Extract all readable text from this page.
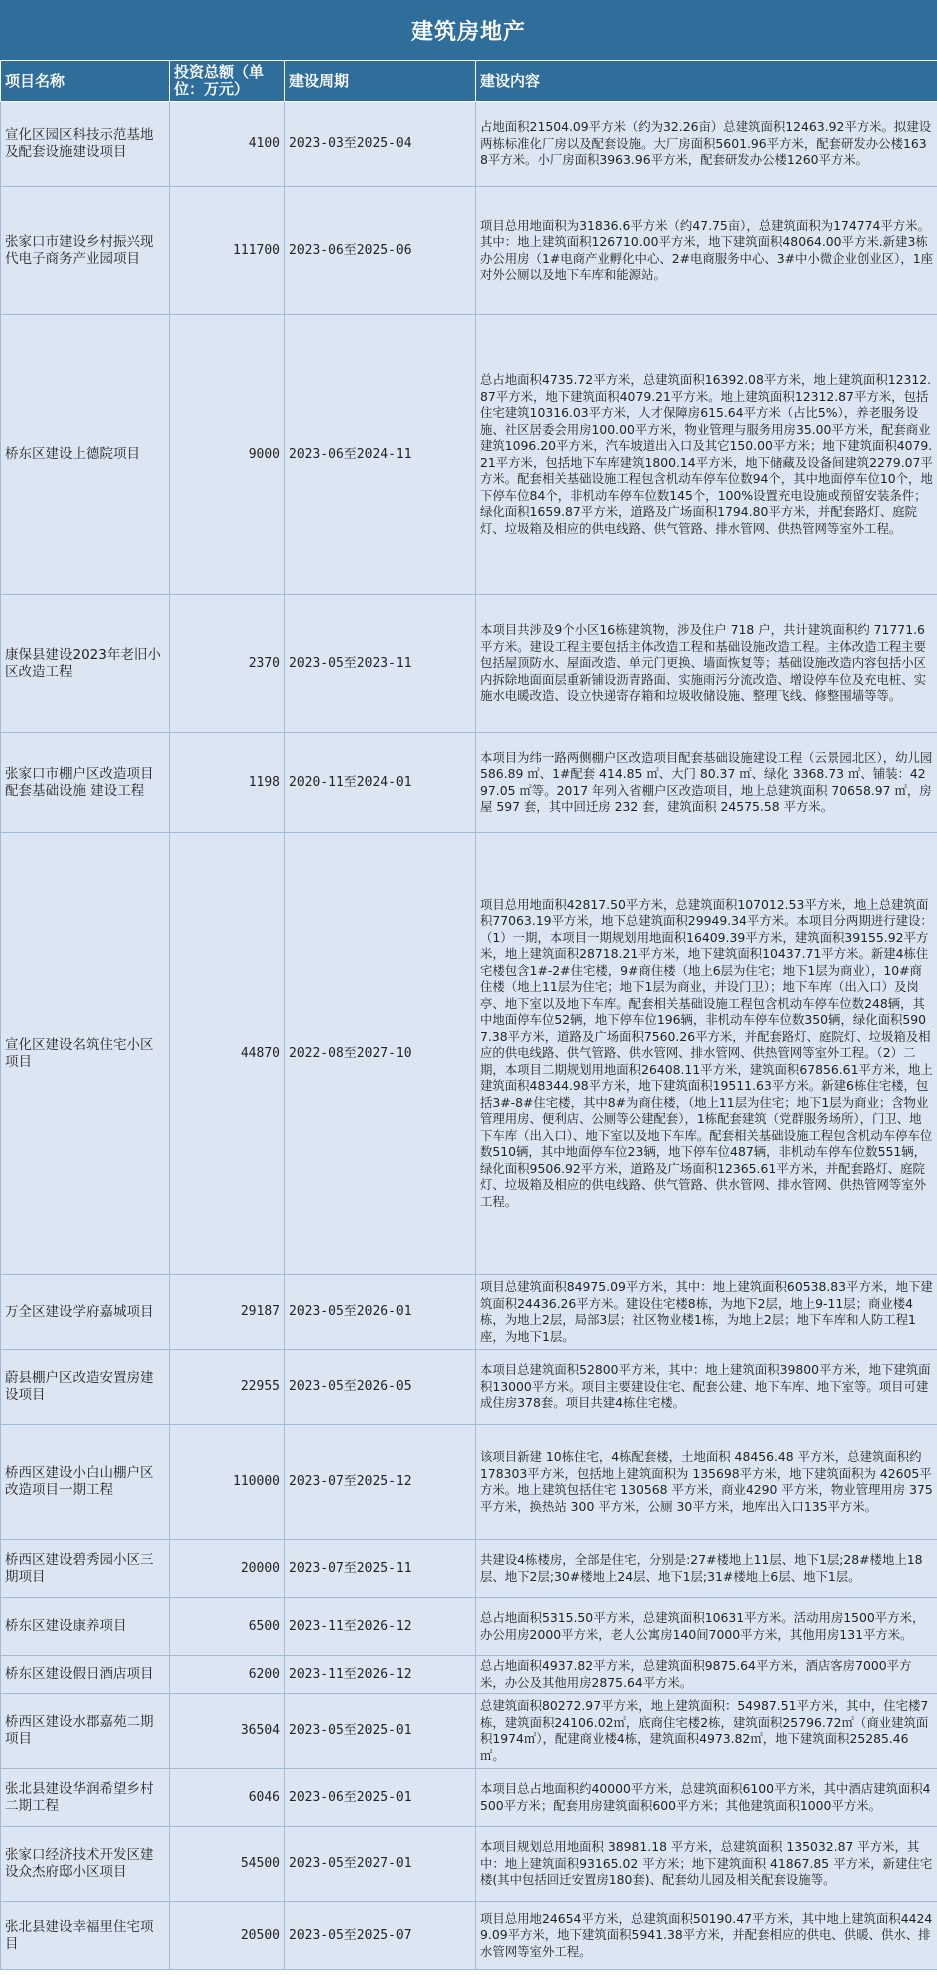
建筑房地产
项目名称	投资总额（单位：万元）	建设周期	建设内容
宣化区园区科技示范基地及配套设施建设项目	4100	2023-03至2025-04	占地面积21504.09平方米（约为32.26亩）总建筑面积12463.92平方米。拟建设两栋标准化厂房以及配套设施。大厂房面积5601.96平方米，配套研发办公楼1638平方米。小厂房面积3963.96平方米，配套研发办公楼1260平方米。
张家口市建设乡村振兴现代电子商务产业园项目	111700	2023-06至2025-06	项目总用地面积为31836.6平方米（约47.75亩），总建筑面积为174774平方米。其中：地上建筑面积126710.00平方米，地下建筑面积48064.00平方米.新建3栋办公用房（1#电商产业孵化中心、2#电商服务中心、3#中小微企业创业区），1座对外公厕以及地下车库和能源站。
桥东区建设上德院项目	9000	2023-06至2024-11	总占地面积4735.72平方米，总建筑面积16392.08平方米，地上建筑面积12312.87平方米，地下建筑面积4079.21平方米。地上建筑面积12312.87平方米，包括住宅建筑10316.03平方米，人才保障房615.64平方米（占比5%），养老服务设施、社区居委会用房100.00平方米，物业管理与服务用房35.00平方米，配套商业建筑1096.20平方米，汽车坡道出入口及其它150.00平方米；地下建筑面积4079.21平方米，包括地下车库建筑1800.14平方米，地下储藏及设备间建筑2279.07平方米。配套相关基础设施工程包含机动车停车位数94个，其中地面停车位10个，地下停车位84个，非机动车停车位数145个，100%设置充电设施或预留安装条件；绿化面积1659.87平方米，道路及广场面积1794.80平方米，并配套路灯、庭院灯、垃圾箱及相应的供电线路、供气管路、排水管网、供热管网等室外工程。
康保县建设2023年老旧小区改造工程	2370	2023-05至2023-11	本项目共涉及9个小区16栋建筑物，涉及住户 718 户，共计建筑面积约 71771.6 平方米。建设工程主要包括主体改造工程和基础设施改造工程。主体改造工程主要包括屋顶防水、屋面改造、单元门更换、墙面恢复等；基础设施改造内容包括小区内拆除地面面层重新铺设沥青路面、实施雨污分流改造、增设停车位及充电桩、实施水电暖改造、设立快递寄存箱和垃圾收储设施、整理飞线、修整围墙等等。
张家口市棚户区改造项目配套基础设施 建设工程	1198	2020-11至2024-01	本项目为纬一路两侧棚户区改造项目配套基础设施建设工程（云景园北区），幼儿园 586.89 ㎡、1#配套 414.85 ㎡、大门 80.37 ㎡、绿化 3368.73 ㎡、铺装：4297.05 ㎡等。2017 年列入省棚户区改造项目，地上总建筑面积 70658.97 ㎡，房屋 597 套，其中回迁房 232 套，建筑面积 24575.58 平方米。
宣化区建设名筑住宅小区项目	44870	2022-08至2027-10	项目总用地面积42817.50平方米，总建筑面积107012.53平方米，地上总建筑面积77063.19平方米，地下总建筑面积29949.34平方米。本项目分两期进行建设：（1）一期，本项目一期规划用地面积16409.39平方米，建筑面积39155.92平方米，地上建筑面积28718.21平方米，地下建筑面积10437.71平方米。新建4栋住宅楼包含1#-2#住宅楼，9#商住楼（地上6层为住宅；地下1层为商业），10#商住楼（地上11层为住宅；地下1层为商业，并设门卫）；地下车库（出入口）及岗亭、地下室以及地下车库。配套相关基础设施工程包含机动车停车位数248辆，其中地面停车位52辆，地下停车位196辆，非机动车停车位数350辆，绿化面积5907.38平方米，道路及广场面积7560.26平方米，并配套路灯、庭院灯、垃圾箱及相应的供电线路、供气管路、供水管网、排水管网、供热管网等室外工程。（2）二期，本项目二期规划用地面积26408.11平方米，建筑面积67856.61平方米，地上建筑面积48344.98平方米，地下建筑面积19511.63平方米。新建6栋住宅楼，包括3#-8#住宅楼，其中8#为商住楼，（地上11层为住宅；地下1层为商业；含物业管理用房、便利店、公厕等公建配套），1栋配套建筑（党群服务场所），门卫、地下车库（出入口）、地下室以及地下车库。配套相关基础设施工程包含机动车停车位数510辆，其中地面停车位23辆，地下停车位487辆，非机动车停车位数551辆，绿化面积9506.92平方米，道路及广场面积12365.61平方米，并配套路灯、庭院灯、垃圾箱及相应的供电线路、供气管路、供水管网、排水管网、供热管网等室外工程。
万全区建设学府嘉城项目	29187	2023-05至2026-01	项目总建筑面积84975.09平方米，其中：地上建筑面积60538.83平方米，地下建筑面积24436.26平方米。建设住宅楼8栋，为地下2层，地上9-11层；商业楼4栋，为地上2层，局部3层；社区物业楼1栋，为地上2层；地下车库和人防工程1座，为地下1层。
蔚县棚户区改造安置房建设项目	22955	2023-05至2026-05	本项目总建筑面积52800平方米，其中：地上建筑面积39800平方米，地下建筑面积13000平方米。项目主要建设住宅、配套公建、地下车库、地下室等。项目可建成住房378套。项目共建4栋住宅楼。
桥西区建设小白山棚户区改造项目一期工程	110000	2023-07至2025-12	该项目新建 10栋住宅，4栋配套楼，土地面积 48456.48 平方米，总建筑面积约 178303平方米，包括地上建筑面积为 135698平方米，地下建筑面积为 42605平方米。地上建筑包括住宅 130568 平方米，商业4290 平方米，物业管理用房 375 平方米，换热站 300 平方米，公厕 30平方米，地库出入口135平方米。
桥西区建设碧秀园小区三期项目	20000	2023-07至2025-11	共建设4栋楼房，全部是住宅，分别是:27#楼地上11层、地下1层;28#楼地上18层、地下2层;30#楼地上24层、地下1层;31#楼地上6层、地下1层。
桥东区建设康养项目	6500	2023-11至2026-12	总占地面积5315.50平方米，总建筑面积10631平方米。活动用房1500平方米，办公用房2000平方米，老人公寓房140间7000平方米，其他用房131平方米。
桥东区建设假日酒店项目	6200	2023-11至2026-12	总占地面积4937.82平方米，总建筑面积9875.64平方米，酒店客房7000平方米，办公及其他用房2875.64平方米。
桥西区建设水郡嘉苑二期项目	36504	2023-05至2025-01	总建筑面积80272.97平方米，地上建筑面积：54987.51平方米，其中，住宅楼7栋，建筑面积24106.02㎡，底商住宅楼2栋，建筑面积25796.72㎡（商业建筑面积1974㎡），配建商业楼4栋，建筑面积4973.82㎡，地下建筑面积25285.46㎡。
张北县建设华润希望乡村二期工程	6046	2023-06至2025-01	本项目总占地面积约40000平方米，总建筑面积6100平方米，其中酒店建筑面积4500平方米；配套用房建筑面积600平方米；其他建筑面积1000平方米。
张家口经济技术开发区建设众杰府邸小区项目	54500	2023-05至2027-01	本项目规划总用地面积 38981.18 平方米，总建筑面积 135032.87 平方米，其中：地上建筑面积93165.02 平方米；地下建筑面积 41867.85 平方米，新建住宅楼(其中包括回迁安置房180套)、配套幼儿园及相关配套设施等。
张北县建设幸福里住宅项目	20500	2023-05至2025-07	项目总用地24654平方米，总建筑面积50190.47平方米，其中地上建筑面积44249.09平方米，地下建筑面积5941.38平方米，并配套相应的供电、供暖、供水、排水管网等室外工程。
